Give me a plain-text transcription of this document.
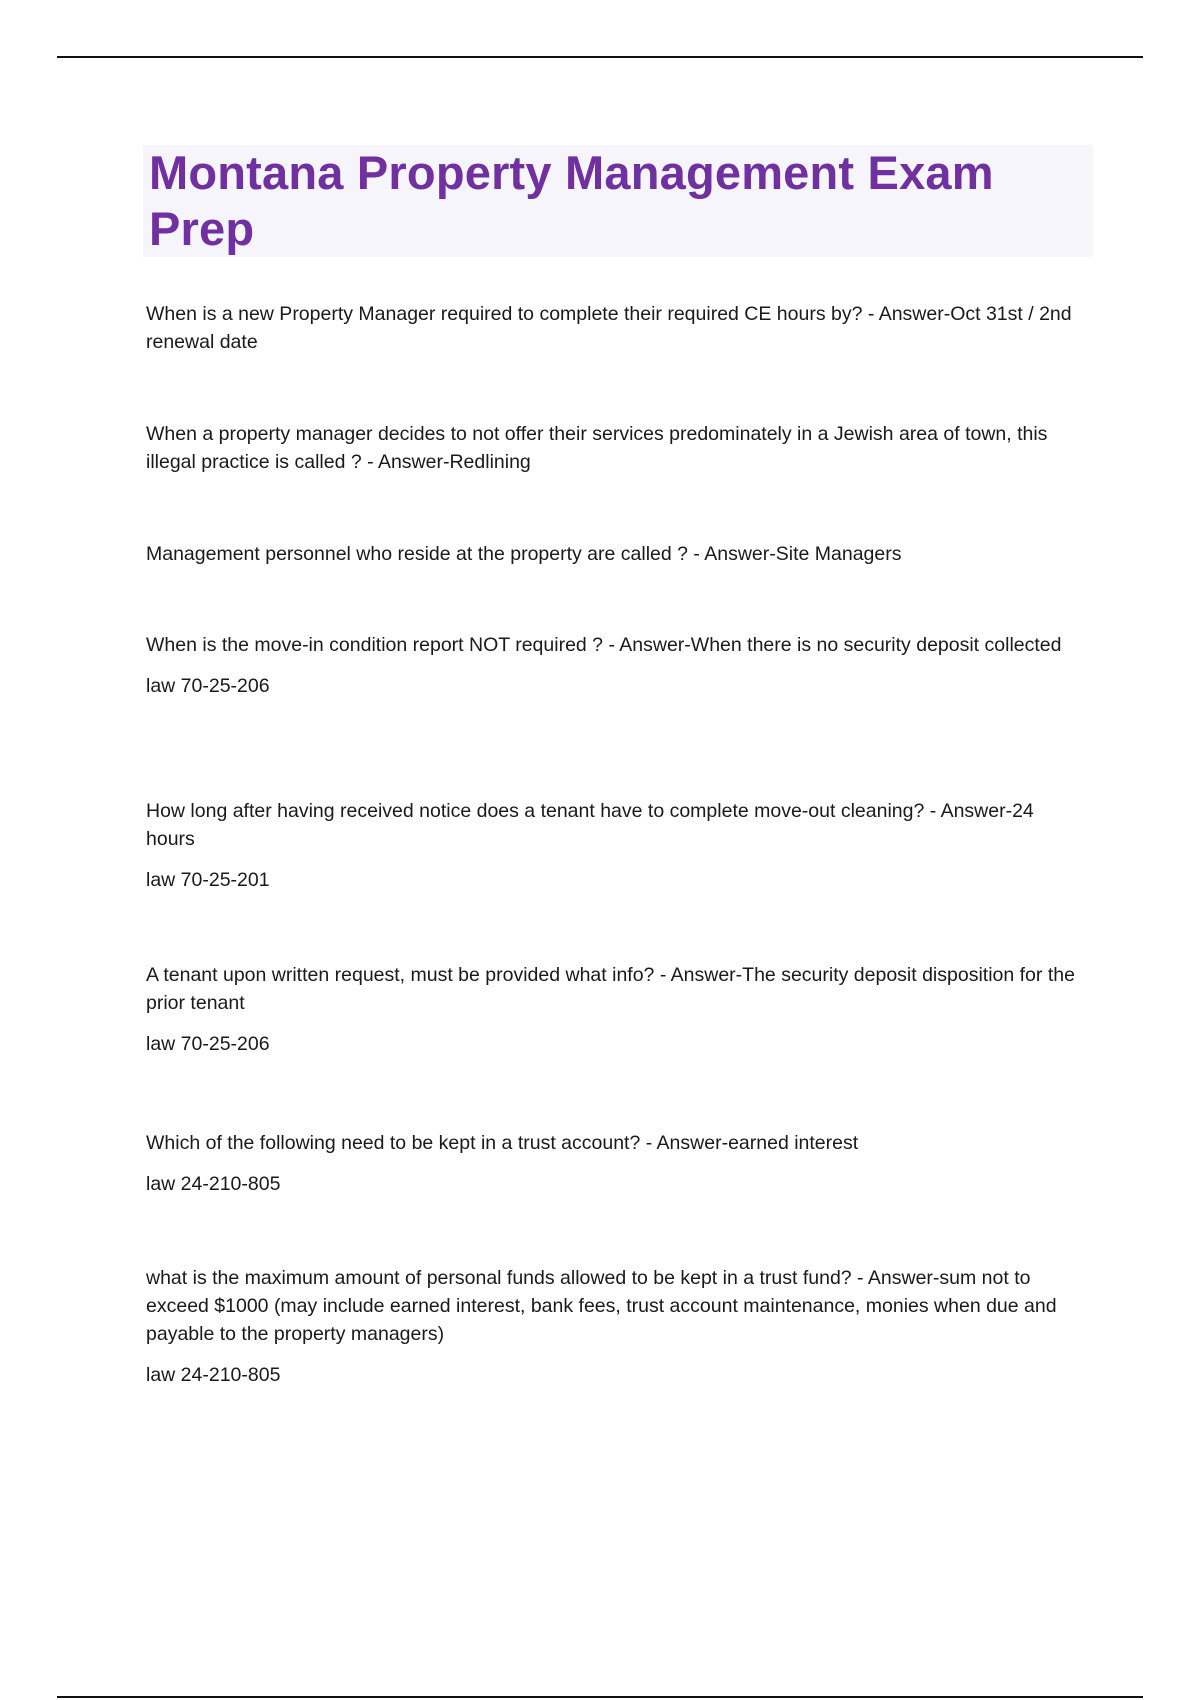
Montana Property Management Exam Prep

When is a new Property Manager required to complete their required CE hours by? - Answer-Oct 31st / 2nd renewal date

When a property manager decides to not offer their services predominately in a Jewish area of town, this illegal practice is called ? - Answer-Redlining

Management personnel who reside at the property are called ? - Answer-Site Managers

When is the move-in condition report NOT required ? - Answer-When there is no security deposit collected

law 70-25-206

How long after having received notice does a tenant have to complete move-out cleaning? - Answer-24 hours

law 70-25-201

A tenant upon written request, must be provided what info? - Answer-The security deposit disposition for the prior tenant

law 70-25-206

Which of the following need to be kept in a trust account? - Answer-earned interest

law 24-210-805

what is the maximum amount of personal funds allowed to be kept in a trust fund? - Answer-sum not to exceed $1000 (may include earned interest, bank fees, trust account maintenance, monies when due and payable to the property managers)

law 24-210-805
